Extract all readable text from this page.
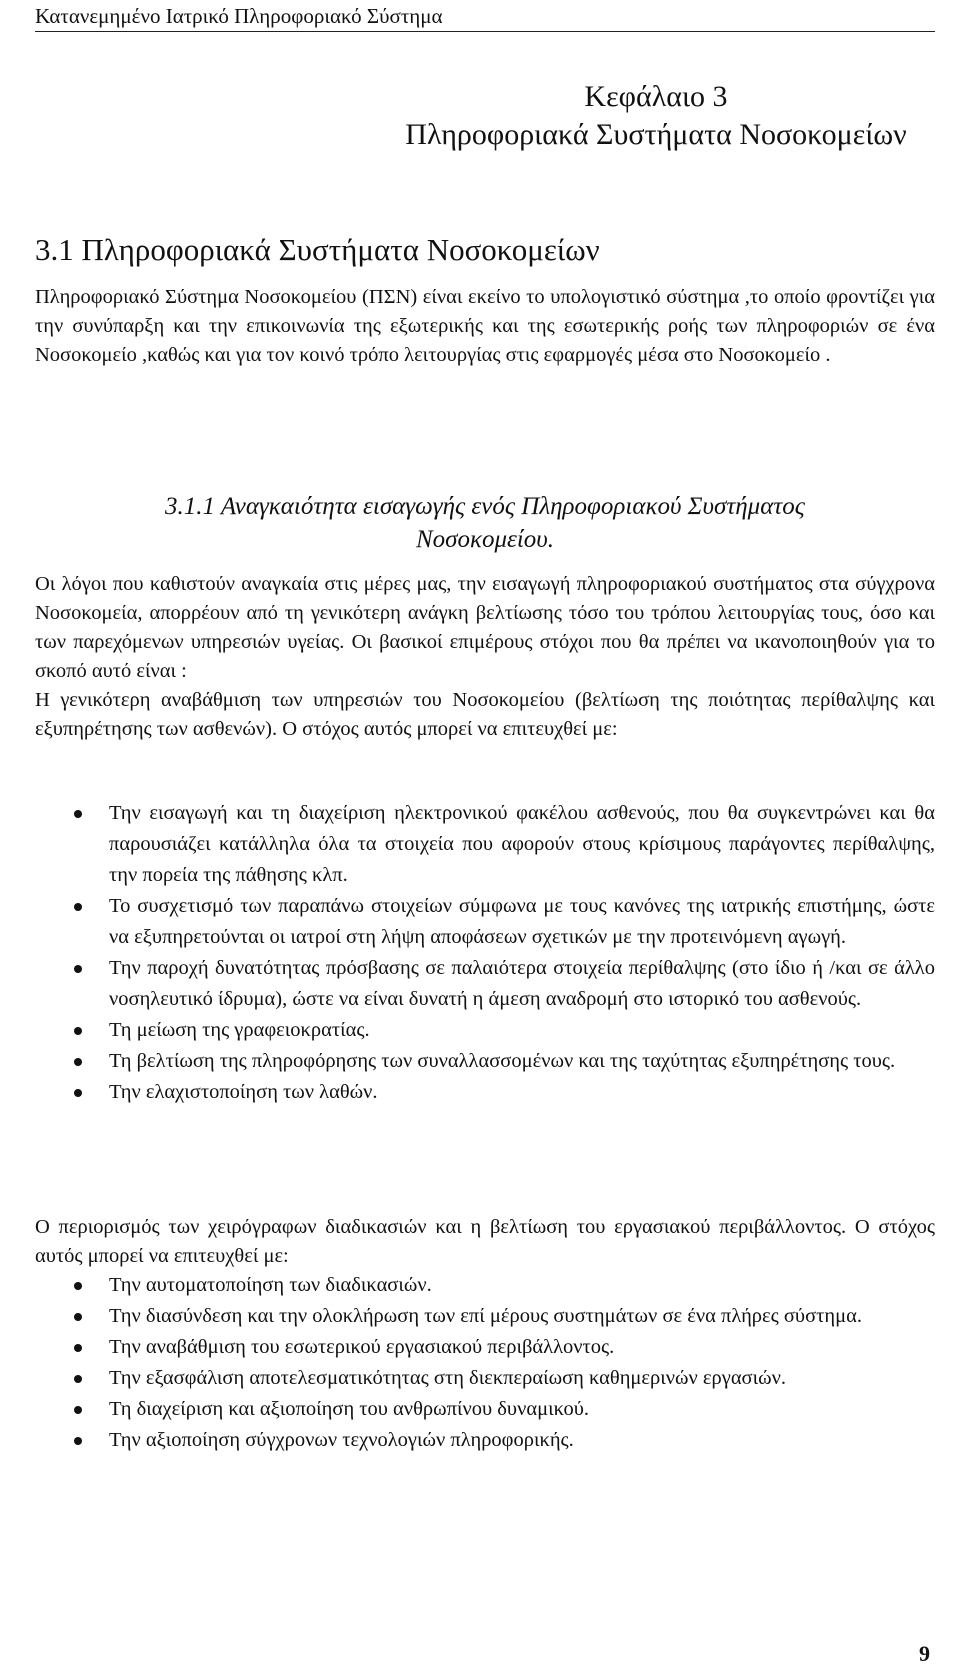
Κατανεμημένο Ιατρικό Πληροφοριακό Σύστημα
Κεφάλαιο 3
Πληροφοριακά Συστήματα Νοσοκομείων
3.1 Πληροφοριακά Συστήματα Νοσοκομείων
Πληροφοριακό Σύστημα Νοσοκομείου (ΠΣΝ) είναι εκείνο το υπολογιστικό σύστημα ,το οποίο φροντίζει για την συνύπαρξη και την επικοινωνία της εξωτερικής και της εσωτερικής ροής των πληροφοριών σε ένα Νοσοκομείο ,καθώς και για τον κοινό τρόπο λειτουργίας στις εφαρμογές μέσα στο Νοσοκομείο .
3.1.1 Αναγκαιότητα εισαγωγής ενός Πληροφοριακού Συστήματος
Νοσοκομείου.
Οι λόγοι που καθιστούν αναγκαία στις μέρες μας, την εισαγωγή πληροφοριακού συστήματος στα σύγχρονα Νοσοκομεία, απορρέουν από τη γενικότερη ανάγκη βελτίωσης τόσο του τρόπου λειτουργίας τους, όσο και των παρεχόμενων υπηρεσιών υγείας. Οι βασικοί επιμέρους στόχοι που θα πρέπει να ικανοποιηθούν για το σκοπό αυτό είναι :
Η γενικότερη αναβάθμιση των υπηρεσιών του Νοσοκομείου (βελτίωση της ποιότητας περίθαλψης και εξυπηρέτησης των ασθενών). Ο στόχος αυτός μπορεί να επιτευχθεί με:
Την εισαγωγή και τη διαχείριση ηλεκτρονικού φακέλου ασθενούς, που θα συγκεντρώνει και θα παρουσιάζει κατάλληλα όλα τα στοιχεία που αφορούν στους κρίσιμους παράγοντες περίθαλψης, την πορεία της πάθησης κλπ.
Το συσχετισμό των παραπάνω στοιχείων σύμφωνα με τους κανόνες της ιατρικής επιστήμης, ώστε να εξυπηρετούνται οι ιατροί στη λήψη αποφάσεων σχετικών με την προτεινόμενη αγωγή.
Την παροχή δυνατότητας πρόσβασης σε παλαιότερα στοιχεία περίθαλψης (στο ίδιο ή /και σε άλλο νοσηλευτικό ίδρυμα), ώστε να είναι δυνατή η άμεση αναδρομή στο ιστορικό του ασθενούς.
Τη μείωση της γραφειοκρατίας.
Τη βελτίωση της πληροφόρησης των συναλλασσομένων και της ταχύτητας εξυπηρέτησης τους.
Την ελαχιστοποίηση των λαθών.
Ο περιορισμός των χειρόγραφων διαδικασιών και η βελτίωση του εργασιακού περιβάλλοντος. Ο στόχος αυτός μπορεί να επιτευχθεί με:
Την αυτοματοποίηση των διαδικασιών.
Την διασύνδεση και την ολοκλήρωση των επί μέρους συστημάτων σε ένα πλήρες σύστημα.
Την αναβάθμιση του εσωτερικού εργασιακού περιβάλλοντος.
Την εξασφάλιση αποτελεσματικότητας στη διεκπεραίωση καθημερινών εργασιών.
Τη διαχείριση και αξιοποίηση του ανθρωπίνου δυναμικού.
Την αξιοποίηση σύγχρονων τεχνολογιών πληροφορικής.
9
